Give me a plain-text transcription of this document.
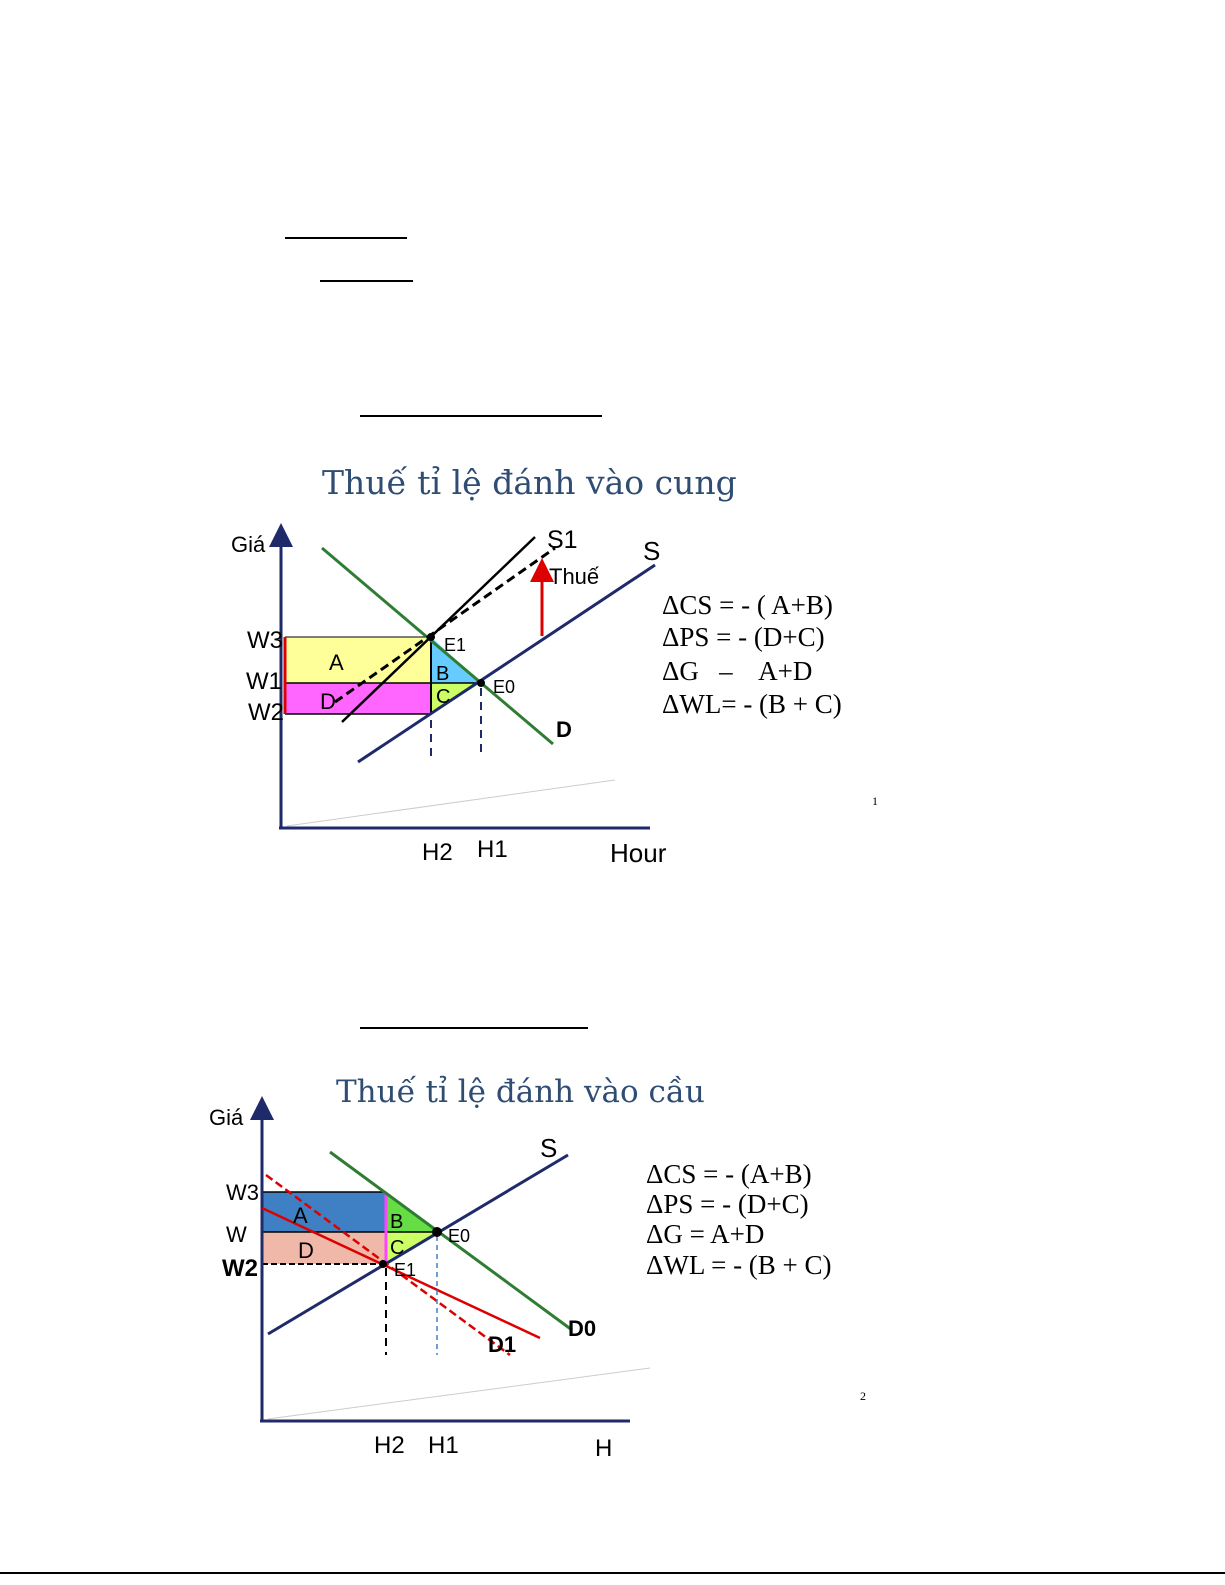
Thuế tỉ lệ đánh vào cung
Thuế tỉ lệ đánh vào cầu
Giá
Hour
W3
W1
W2
H2 H1
S
S1
D
E1
E0
Thuế
A
D
B
C
ΔCS = - ( A+B)
ΔPS = - (D+C)
ΔG   –    A+D
ΔWL= - (B + C)
1
Giá
H
W3
W
W2
H2 H1
S
D0
D1
E0
E1
A
D
B
C
ΔCS = - (A+B)
ΔPS = - (D+C)
ΔG = A+D
ΔWL = - (B + C)
2
